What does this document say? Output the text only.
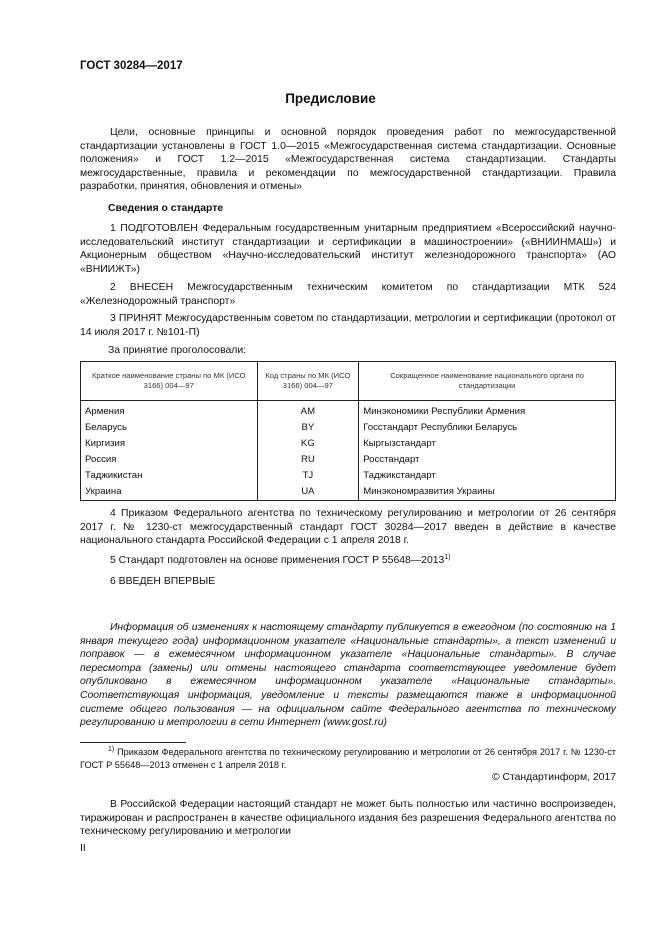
ГОСТ 30284—2017
Предисловие

Цели, основные принципы и основной порядок проведения работ по межгосударственной стандартизации установлены в ГОСТ 1.0—2015 «Межгосударственная система стандартизации. Основные положения» и ГОСТ 1.2—2015 «Межгосударственная система стандартизации. Стандарты межгосударственные, правила и рекомендации по межгосударственной стандартизации. Правила разработки, принятия, обновления и отмены»

Сведения о стандарте

1 ПОДГОТОВЛЕН Федеральным государственным унитарным предприятием «Всероссийский научно-исследовательский институт стандартизации и сертификации в машиностроении» («ВНИИНМАШ») и Акционерным обществом «Научно-исследовательский институт железнодорожного транспорта» (АО «ВНИИЖТ»)

2 ВНЕСЕН Межгосударственным техническим комитетом по стандартизации МТК 524 «Железнодорожный транспорт»

3 ПРИНЯТ Межгосударственным советом по стандартизации, метрологии и сертификации (протокол от 14 июля 2017 г. №101-П)

За принятие проголосовали:
Краткое наименование страны по МК (ИСО 3166) 004—97	Код страны по МК (ИСО 3166) 004—97	Сокращенное наименование национального органа по стандартизации
Армения	AM	Минэкономики Республики Армения
Беларусь	BY	Госстандарт Республики Беларусь
Киргизия	KG	Кыргызстандарт
Россия	RU	Росстандарт
Таджикистан	TJ	Таджикстандарт
Украина	UA	Минэкономразвития Украины

4 Приказом Федерального агентства по техническому регулированию и метрологии от 26 сентября 2017 г. № 1230-ст межгосударственный стандарт ГОСТ 30284—2017 введен в действие в качестве национального стандарта Российской Федерации с 1 апреля 2018 г.

5 Стандарт подготовлен на основе применения ГОСТ Р 55648—2013$^{1)}$

6 ВВЕДЕН ВПЕРВЫЕ

Информация об изменениях к настоящему стандарту публикуется в ежегодном (по состоянию на 1 января текущего года) информационном указателе «Национальные стандарты», а текст изменений и поправок — в ежемесячном информационном указателе «Национальные стандарты». В случае пересмотра (замены) или отмены настоящего стандарта соответствующее уведомление будет опубликовано в ежемесячном информационном указателе «Национальные стандарты». Соответствующая информация, уведомление и тексты размещаются также в информационной системе общего пользования — на официальном сайте Федерального агентства по техническому регулированию и метрологии в сети Интернет (www.gost.ru)

$^{1)}$ Приказом Федерального агентства по техническому регулированию и метрологии от 26 сентября 2017 г. № 1230-ст ГОСТ Р 55648—2013 отменен с 1 апреля 2018 г.

© Стандартинформ, 2017

В Российской Федерации настоящий стандарт не может быть полностью или частично воспроизведен, тиражирован и распространен в качестве официального издания без разрешения Федерального агентства по техническому регулированию и метрологии

II
